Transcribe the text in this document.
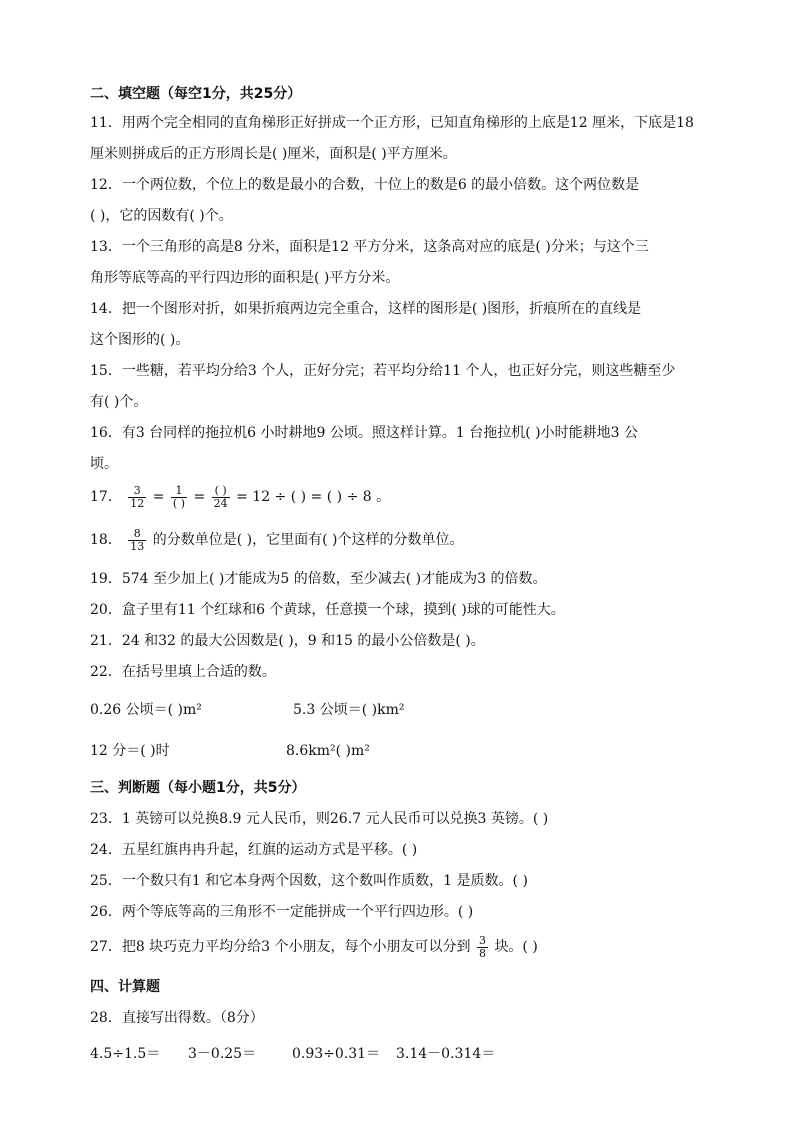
二、填空题（每空1分，共25分）
11．用两个完全相同的直角梯形正好拼成一个正方形，已知直角梯形的上底是12 厘米，下底是18
厘米则拼成后的正方形周长是( )厘米，面积是( )平方厘米。
12．一个两位数，个位上的数是最小的合数，十位上的数是6 的最小倍数。这个两位数是
( )，它的因数有( )个。
13．一个三角形的高是8 分米，面积是12 平方分米，这条高对应的底是( )分米；与这个三
角形等底等高的平行四边形的面积是( )平方分米。
14．把一个图形对折，如果折痕两边完全重合，这样的图形是( )图形，折痕所在的直线是
这个图形的( )。
15．一些糖，若平均分给3 个人，正好分完；若平均分给11 个人，也正好分完，则这些糖至少
有( )个。
16．有3 台同样的拖拉机6 小时耕地9 公顷。照这样计算。1 台拖拉机( )小时能耕地3 公
顷。
17． $\frac{3}{12} = \frac{1}{( )} = \frac{( )}{24} = 12$ ÷ ( ) = ( ) ÷ 8 。
18． $\frac{8}{13}$ 的分数单位是( )，它里面有( )个这样的分数单位。
19．574 至少加上( )才能成为5 的倍数，至少减去( )才能成为3 的倍数。
20．盒子里有11 个红球和6 个黄球，任意摸一个球，摸到( )球的可能性大。
21．24 和32 的最大公因数是( )，9 和15 的最小公倍数是( )。
22．在括号里填上合适的数。
0.26 公顷＝( )m²	5.3 公顷＝( )km²
12 分＝( )时	8.6km²( )m²
三、判断题（每小题1分，共5分）
23．1 英镑可以兑换8.9 元人民币，则26.7 元人民币可以兑换3 英镑。( )
24．五星红旗冉冉升起，红旗的运动方式是平移。( )
25．一个数只有1 和它本身两个因数，这个数叫作质数，1 是质数。( )
26．两个等底等高的三角形不一定能拼成一个平行四边形。( )
27．把8 块巧克力平均分给3 个小朋友，每个小朋友可以分到 $\frac{3}{8}$ 块。( )
四、计算题
28．直接写出得数。（8分）
4.5÷1.5＝ 3－0.25＝	0.93÷0.31＝ 3.14－0.314＝
